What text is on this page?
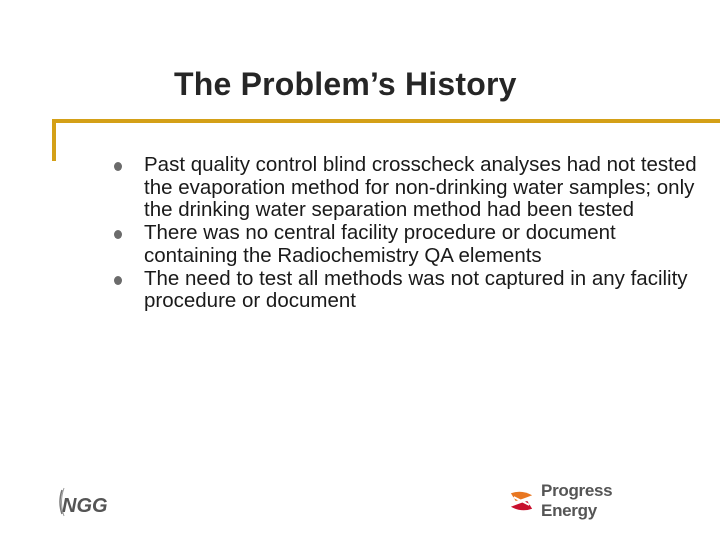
The Problem’s History
Past quality control blind crosscheck analyses had not tested the evaporation method for non-drinking water samples; only the drinking water separation method had been tested
There was no central facility procedure or document containing the Radiochemistry QA elements
The need to test all methods was not captured in any facility procedure or document
NGG
Progress Energy
